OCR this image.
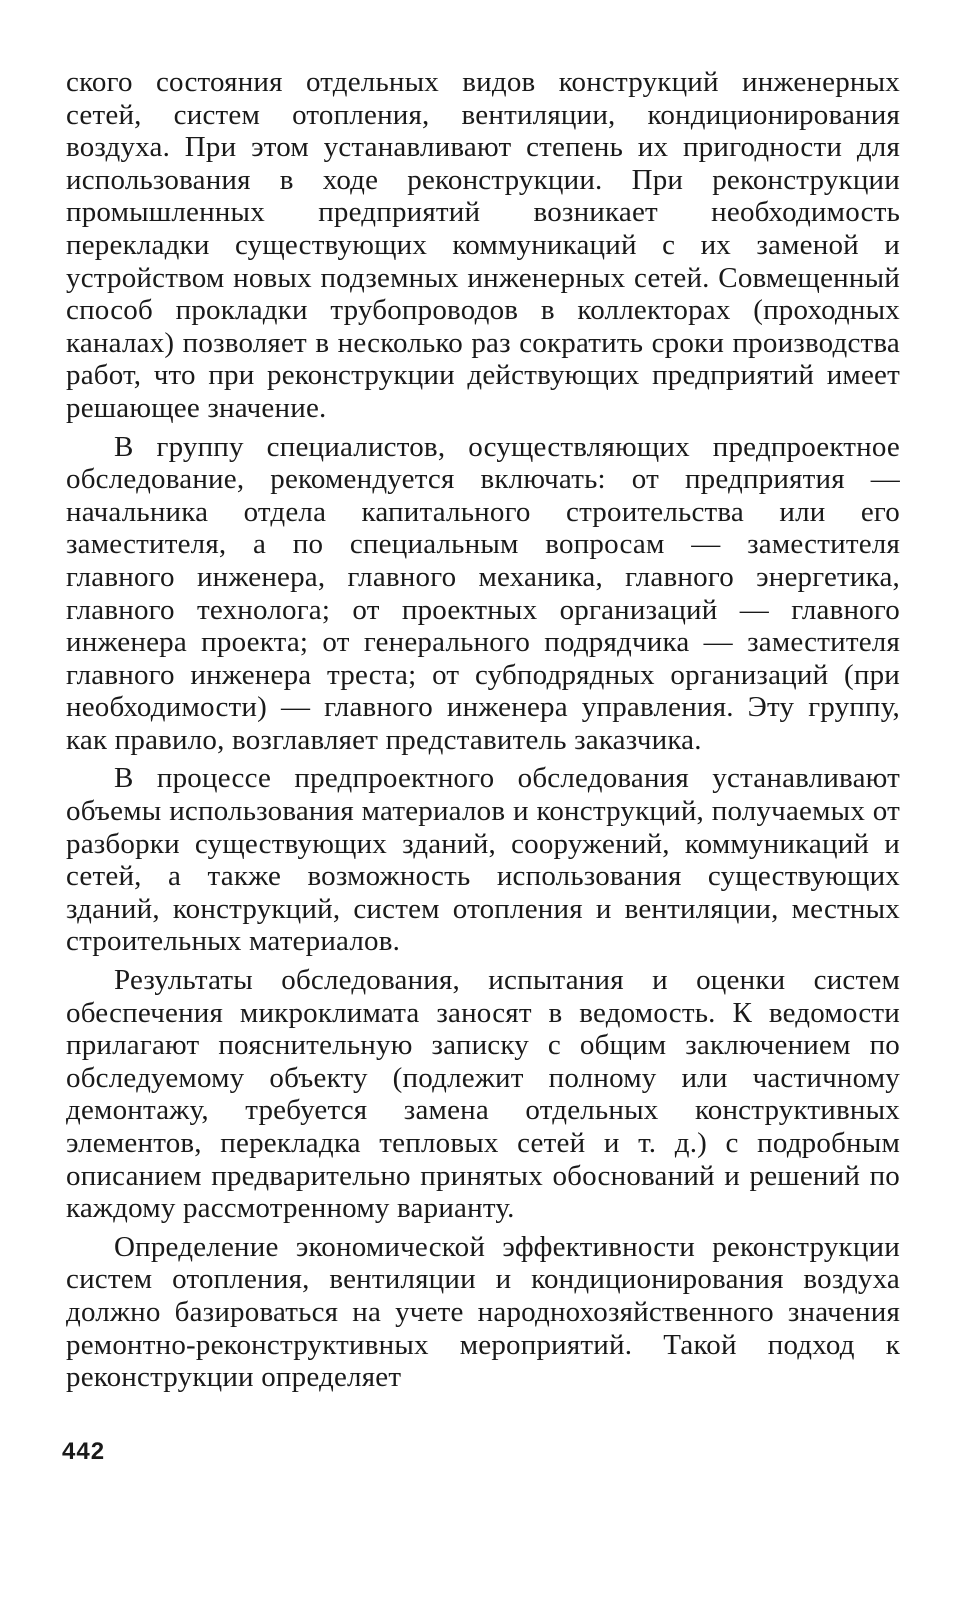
ского состояния отдельных видов конструкций инженерных сетей, систем отопления, вентиляции, кондиционирования воздуха. При этом устанавливают степень их пригодности для использования в ходе реконструкции. При реконструкции промышленных предприятий возникает необходимость перекладки существующих коммуникаций с их заменой и устройством новых подземных инженерных сетей. Совмещенный способ прокладки трубопроводов в коллекторах (проходных каналах) позволяет в несколько раз сократить сроки производства работ, что при реконструкции действующих предприятий имеет решающее значение.

В группу специалистов, осуществляющих предпроектное обследование, рекомендуется включать: от предприятия — начальника отдела капитального строительства или его заместителя, а по специальным вопросам — заместителя главного инженера, главного механика, главного энергетика, главного технолога; от проектных организаций — главного инженера проекта; от генерального подрядчика — заместителя главного инженера треста; от субподрядных организаций (при необходимости) — главного инженера управления. Эту группу, как правило, возглавляет представитель заказчика.

В процессе предпроектного обследования устанавливают объемы использования материалов и конструкций, получаемых от разборки существующих зданий, сооружений, коммуникаций и сетей, а также возможность использования существующих зданий, конструкций, систем отопления и вентиляции, местных строительных материалов.

Результаты обследования, испытания и оценки систем обеспечения микроклимата заносят в ведомость. К ведомости прилагают пояснительную записку с общим заключением по обследуемому объекту (подлежит полному или частичному демонтажу, требуется замена отдельных конструктивных элементов, перекладка тепловых сетей и т. д.) с подробным описанием предварительно принятых обоснований и решений по каждому рассмотренному варианту.

Определение экономической эффективности реконструкции систем отопления, вентиляции и кондиционирования воздуха должно базироваться на учете народнохозяйственного значения ремонтно-реконструктивных мероприятий. Такой подход к реконструкции определяет

442
